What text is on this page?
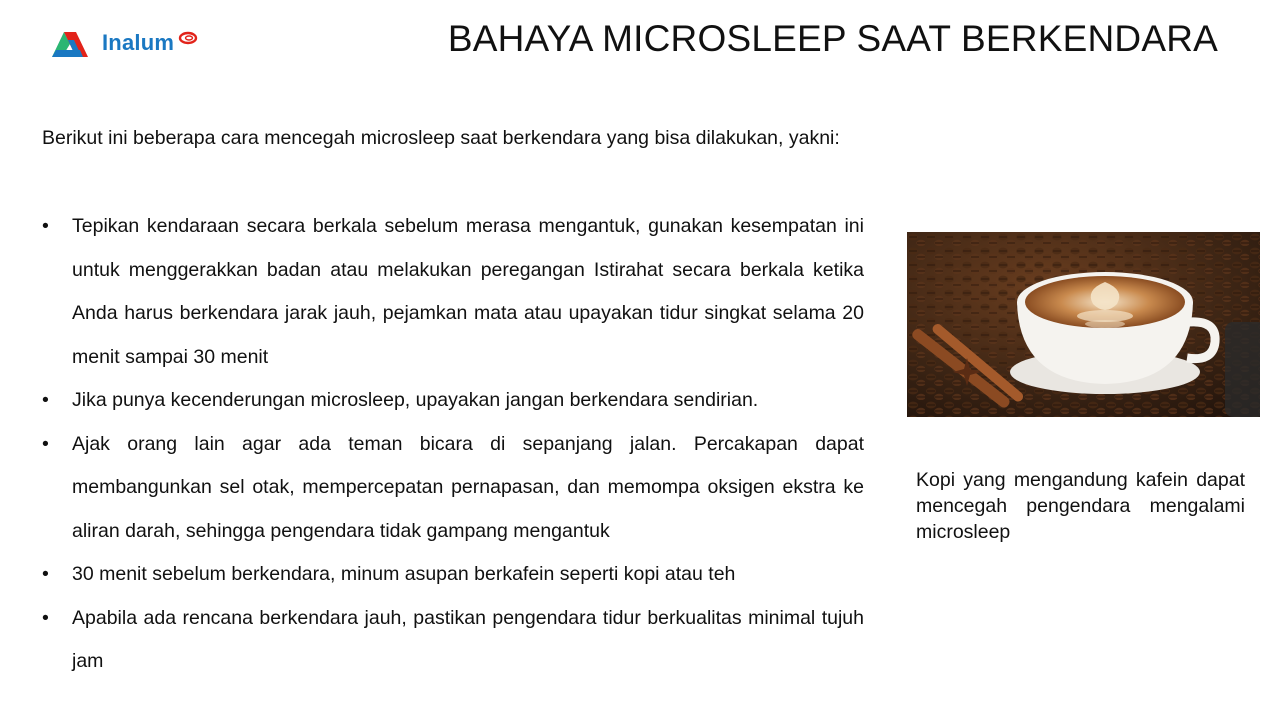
Inalum	BAHAYA MICROSLEEP SAAT BERKENDARA
Berikut ini beberapa cara mencegah microsleep saat berkendara yang bisa dilakukan, yakni:
• Tepikan kendaraan secara berkala sebelum merasa mengantuk, gunakan kesempatan ini untuk menggerakkan badan atau melakukan peregangan Istirahat secara berkala ketika Anda harus berkendara jarak jauh, pejamkan mata atau upayakan tidur singkat selama 20 menit sampai 30 menit
• Jika punya kecenderungan microsleep, upayakan jangan berkendara sendirian.
• Ajak orang lain agar ada teman bicara di sepanjang jalan. Percakapan dapat membangunkan sel otak, mempercepatan pernapasan, dan memompa oksigen ekstra ke aliran darah, sehingga pengendara tidak gampang mengantuk
• 30 menit sebelum berkendara, minum asupan berkafein seperti kopi atau teh
• Apabila ada rencana berkendara jauh, pastikan pengendara tidur berkualitas minimal tujuh jam
Kopi yang mengandung kafein dapat mencegah pengendara mengalami microsleep
